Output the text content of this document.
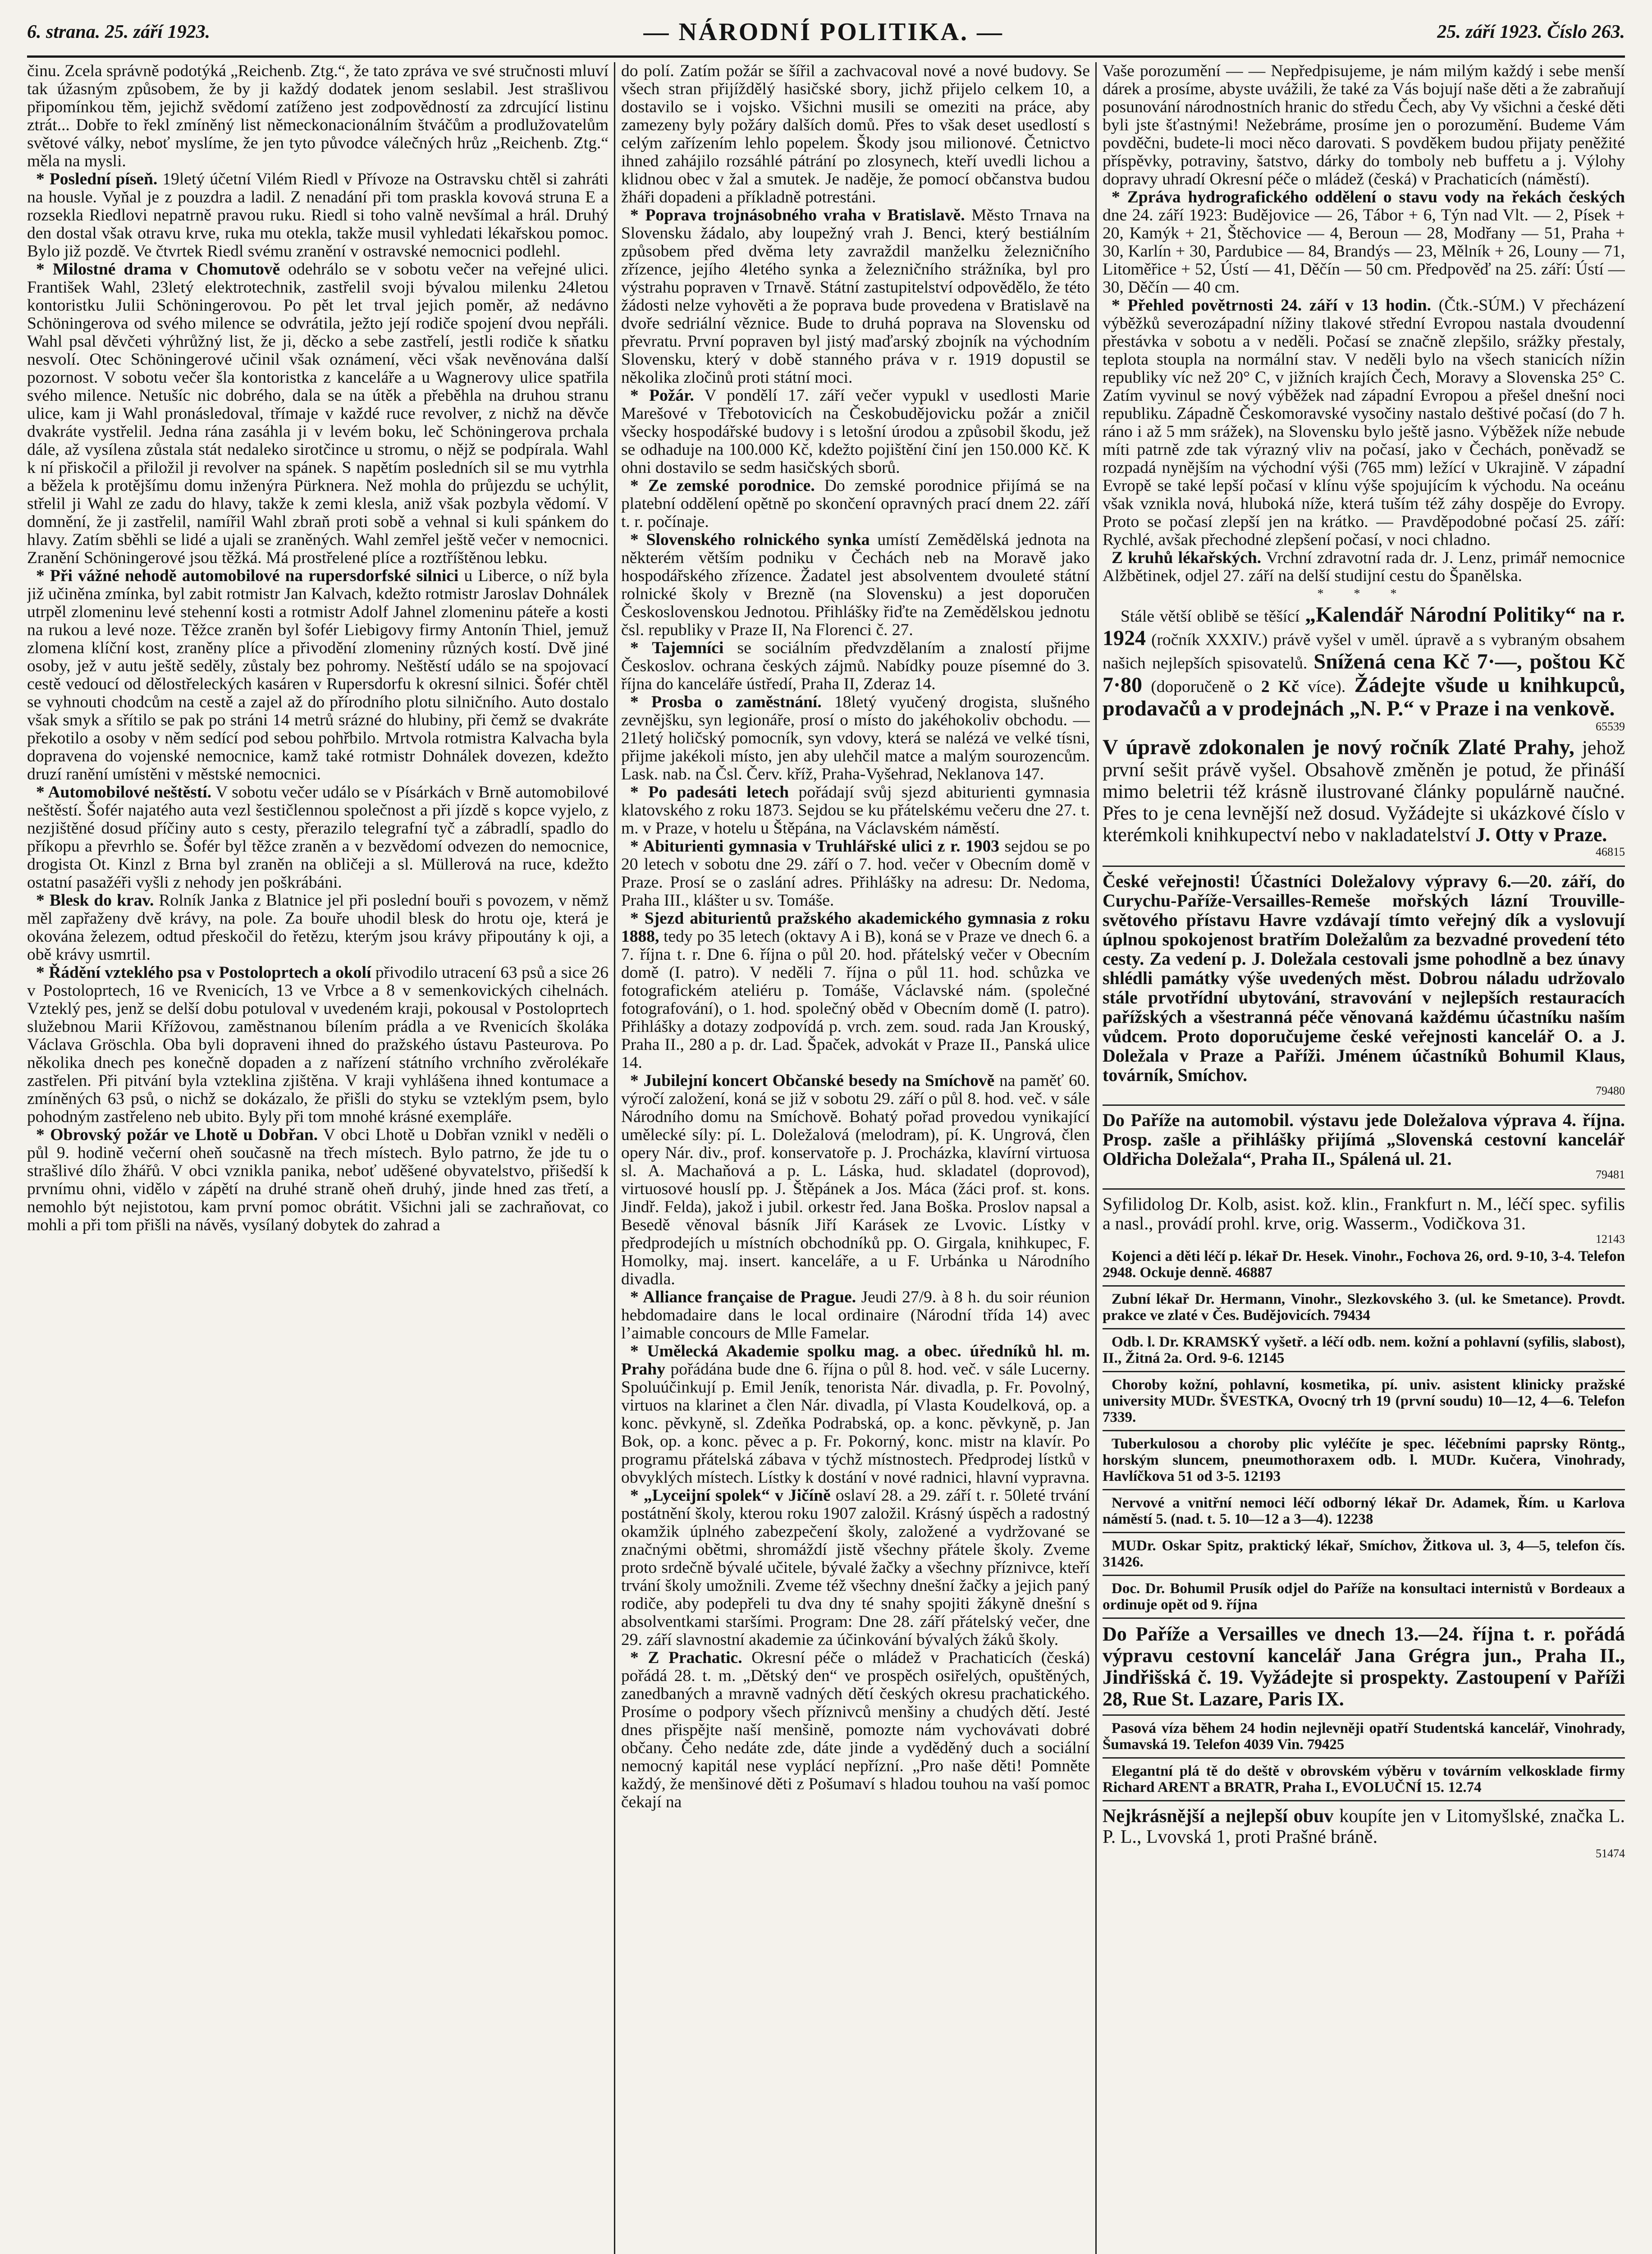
6. strana. 25. září 1923.	— NÁRODNÍ POLITIKA. —	25. září 1923. Číslo 263.

činu. Zcela správně podotýká „Reichenb. Ztg.“, že tato zpráva ve své stručnosti mluví tak úžasným způsobem, že by ji každý dodatek jenom seslabil. Jest strašlivou připomínkou těm, jejichž svědomí zatíženo jest zodpovědností za zdrcující listinu ztrát... Dobře to řekl zmíněný list německonacionálním štváčům a prodlužovatelům světové války, neboť myslíme, že jen tyto původce válečných hrůz „Reichenb. Ztg.“ měla na mysli.

* Poslední píseň. 19letý účetní Vilém Riedl v Přívoze na Ostravsku chtěl si zahráti na housle. Vyňal je z pouzdra a ladil. Z nenadání při tom praskla kovová struna E a rozsekla Riedlovi nepatrně pravou ruku. Riedl si toho valně nevšímal a hrál. Druhý den dostal však otravu krve, ruka mu otekla, takže musil vyhledati lékařskou pomoc. Bylo již pozdě. Ve čtvrtek Riedl svému zranění v ostravské nemocnici podlehl.

* Milostné drama v Chomutově odehrálo se v sobotu večer na veřejné ulici. František Wahl, 23letý elektrotechnik, zastřelil svoji bývalou milenku 24letou kontoristku Julii Schöningerovou. Po pět let trval jejich poměr, až nedávno Schöningerova od svého milence se odvrátila, ježto její rodiče spojení dvou nepřáli. Wahl psal děvčeti výhrůžný list, že ji, děcko a sebe zastřelí, jestli rodiče k sňatku nesvolí. Otec Schöningerové učinil však oznámení, věci však nevěnována další pozornost. V sobotu večer šla kontoristka z kanceláře a u Wagnerovy ulice spatřila svého milence. Netušíc nic dobrého, dala se na útěk a přeběhla na druhou stranu ulice, kam ji Wahl pronásledoval, třímaje v každé ruce revolver, z nichž na děvče dvakráte vystřelil. Jedna rána zasáhla ji v levém boku, leč Schöningerova prchala dále, až vysílena zůstala stát nedaleko sirotčince u stromu, o nějž se podpírala. Wahl k ní přiskočil a přiložil ji revolver na spánek. S napětím posledních sil se mu vytrhla a běžela k protějšímu domu inženýra Pürknera. Než mohla do průjezdu se uchýlit, střelil ji Wahl ze zadu do hlavy, takže k zemi klesla, aniž však pozbyla vědomí. V domnění, že ji zastřelil, namířil Wahl zbraň proti sobě a vehnal si kuli spánkem do hlavy. Zatím sběhli se lidé a ujali se zraněných. Wahl zemřel ještě večer v nemocnici. Zranění Schöningerové jsou těžká. Má prostřelené plíce a roztříštěnou lebku.

* Při vážné nehodě automobilové na rupersdorfské silnici u Liberce, o níž byla již učiněna zmínka, byl zabit rotmistr Jan Kalvach, kdežto rotmistr Jaroslav Dohnálek utrpěl zlomeninu levé stehenní kosti a rotmistr Adolf Jahnel zlomeninu páteře a kosti na rukou a levé noze. Těžce zraněn byl šofér Liebigovy firmy Antonín Thiel, jemuž zlomena klíční kost, zraněny plíce a přivodění zlomeniny různých kostí. Dvě jiné osoby, jež v autu ještě seděly, zůstaly bez pohromy. Neštěstí událo se na spojovací cestě vedoucí od dělostřeleckých kasáren v Rupersdorfu k okresní silnici. Šofér chtěl se vyhnouti chodcům na cestě a zajel až do přírodního plotu silničního. Auto dostalo však smyk a sřítilo se pak po stráni 14 metrů srázné do hlubiny, při čemž se dvakráte překotilo a osoby v něm sedící pod sebou pohřbilo. Mrtvola rotmistra Kalvacha byla dopravena do vojenské nemocnice, kamž také rotmistr Dohnálek dovezen, kdežto druzí ranění umístěni v městské nemocnici.

* Automobilové neštěstí. V sobotu večer událo se v Písárkách v Brně automobilové neštěstí. Šofér najatého auta vezl šestičlennou společnost a při jízdě s kopce vyjelo, z nezjištěné dosud příčiny auto s cesty, přerazilo telegrafní tyč a zábradlí, spadlo do příkopu a převrhlo se. Šofér byl těžce zraněn a v bezvědomí odvezen do nemocnice, drogista Ot. Kinzl z Brna byl zraněn na obličeji a sl. Müllerová na ruce, kdežto ostatní pasažéři vyšli z nehody jen poškrábáni.

* Blesk do krav. Rolník Janka z Blatnice jel při poslední bouři s povozem, v němž měl zapřaženy dvě krávy, na pole. Za bouře uhodil blesk do hrotu oje, která je okována železem, odtud přeskočil do řetězu, kterým jsou krávy připoutány k oji, a obě krávy usmrtil.

* Řádění vzteklého psa v Postoloprtech a okolí přivodilo utracení 63 psů a sice 26 v Postoloprtech, 16 ve Rvenicích, 13 ve Vrbce a 8 v semenkovických cihelnách. Vzteklý pes, jenž se delší dobu potuloval v uvedeném kraji, pokousal v Postoloprtech služebnou Marii Křížovou, zaměstnanou bílením prádla a ve Rvenicích školáka Václava Gröschla. Oba byli dopraveni ihned do pražského ústavu Pasteurova. Po několika dnech pes konečně dopaden a z nařízení státního vrchního zvěrolékaře zastřelen. Při pitvání byla vzteklina zjištěna. V kraji vyhlášena ihned kontumace a zmíněných 63 psů, o nichž se dokázalo, že přišli do styku se vzteklým psem, bylo pohodným zastřeleno neb ubito. Byly při tom mnohé krásné exempláře.

* Obrovský požár ve Lhotě u Dobřan. V obci Lhotě u Dobřan vznikl v neděli o půl 9. hodině večerní oheň současně na třech místech. Bylo patrno, že jde tu o strašlivé dílo žhářů. V obci vznikla panika, neboť uděšené obyvatelstvo, přišedší k prvnímu ohni, vidělo v zápětí na druhé straně oheň druhý, jinde hned zas třetí, a nemohlo být nejistotou, kam první pomoc obrátit. Všichni jali se zachraňovat, co mohli a při tom přišli na návěs, vysílaný dobytek do zahrad a

do polí. Zatím požár se šířil a zachvacoval nové a nové budovy. Se všech stran přijíždělý hasičské sbory, jichž přijelo celkem 10, a dostavilo se i vojsko. Všichni musili se omeziti na práce, aby zamezeny byly požáry dalších domů. Přes to však deset usedlostí s celým zařízením lehlo popelem. Škody jsou milionové. Četnictvo ihned zahájilo rozsáhlé pátrání po zlosynech, kteří uvedli lichou a klidnou obec v žal a smutek. Je naděje, že pomocí občanstva budou žháři dopadeni a příkladně potrestáni.

* Poprava trojnásobného vraha v Bratislavě. Město Trnava na Slovensku žádalo, aby loupežný vrah J. Benci, který bestiálním způsobem před dvěma lety zavraždil manželku železničního zřízence, jejího 4letého synka a železničního strážníka, byl pro výstrahu popraven v Trnavě. Státní zastupitelství odpovědělo, že této žádosti nelze vyhověti a že poprava bude provedena v Bratislavě na dvoře sedriální věznice. Bude to druhá poprava na Slovensku od převratu. První popraven byl jistý maďarský zbojník na východním Slovensku, který v době stanného práva v r. 1919 dopustil se několika zločinů proti státní moci.

* Požár. V pondělí 17. září večer vypukl v usedlosti Marie Marešové v Třebotovicích na Českobudějovicku požár a zničil všecky hospodářské budovy i s letošní úrodou a způsobil škodu, jež se odhaduje na 100.000 Kč, kdežto pojištění činí jen 150.000 Kč. K ohni dostavilo se sedm hasičských sborů.

* Ze zemské porodnice. Do zemské porodnice přijímá se na platební oddělení opětně po skončení opravných prací dnem 22. září t. r. počínaje.

* Slovenského rolnického synka umístí Zemědělská jednota na některém větším podniku v Čechách neb na Moravě jako hospodářského zřízence. Žadatel jest absolventem dvouleté státní rolnické školy v Brezně (na Slovensku) a jest doporučen Československou Jednotou. Přihlášky řiďte na Zemědělskou jednotu čsl. republiky v Praze II, Na Florenci č. 27.

* Tajemníci se sociálním předvzdělaním a znalostí přijme Českoslov. ochrana českých zájmů. Nabídky pouze písemné do 3. října do kanceláře ústředí, Praha II, Zderaz 14.

* Prosba o zaměstnání. 18letý vyučený drogista, slušného zevnějšku, syn legionáře, prosí o místo do jakéhokoliv obchodu. — 21letý holičský pomocník, syn vdovy, která se nalézá ve velké tísni, přijme jakékoli místo, jen aby ulehčil matce a malým sourozencům. Lask. nab. na Čsl. Červ. kříž, Praha-Vyšehrad, Neklanova 147.

* Po padesáti letech pořádají svůj sjezd abiturienti gymnasia klatovského z roku 1873. Sejdou se ku přátelskému večeru dne 27. t. m. v Praze, v hotelu u Štěpána, na Václavském náměstí.

* Abiturienti gymnasia v Truhlářské ulici z r. 1903 sejdou se po 20 letech v sobotu dne 29. září o 7. hod. večer v Obecním domě v Praze. Prosí se o zaslání adres. Přihlášky na adresu: Dr. Nedoma, Praha III., klášter u sv. Tomáše.

* Sjezd abiturientů pražského akademického gymnasia z roku 1888, tedy po 35 letech (oktavy A i B), koná se v Praze ve dnech 6. a 7. října t. r. Dne 6. října o půl 20. hod. přátelský večer v Obecním domě (I. patro). V neděli 7. října o půl 11. hod. schůzka ve fotografickém ateliéru p. Tomáše, Václavské nám. (společné fotografování), o 1. hod. společný oběd v Obecním domě (I. patro). Přihlášky a dotazy zodpovídá p. vrch. zem. soud. rada Jan Krouský, Praha II., 280 a p. dr. Lad. Špaček, advokát v Praze II., Panská ulice 14.

* Jubilejní koncert Občanské besedy na Smíchově na paměť 60. výročí založení, koná se již v sobotu 29. září o půl 8. hod. več. v sále Národního domu na Smíchově. Bohatý pořad provedou vynikající umělecké síly: pí. L. Doležalová (melodram), pí. K. Ungrová, člen opery Nár. div., prof. konservatoře p. J. Procházka, klavírní virtuosa sl. A. Machaňová a p. L. Láska, hud. skladatel (doprovod), virtuosové houslí pp. J. Štěpánek a Jos. Máca (žáci prof. st. kons. Jindř. Felda), jakož i jubil. orkestr řed. Jana Boška. Proslov napsal a Besedě věnoval básník Jiří Karásek ze Lvovic. Lístky v předprodejích u místních obchodníků pp. O. Girgala, knihkupec, F. Homolky, maj. insert. kanceláře, a u F. Urbánka u Národního divadla.

* Alliance française de Prague. Jeudi 27/9. à 8 h. du soir réunion hebdomadaire dans le local ordinaire (Národní třída 14) avec l’aimable concours de Mlle Famelar.

* Umělecká Akademie spolku mag. a obec. úředníků hl. m. Prahy pořádána bude dne 6. října o půl 8. hod. več. v sále Lucerny. Spoluúčinkují p. Emil Jeník, tenorista Nár. divadla, p. Fr. Povolný, virtuos na klarinet a člen Nár. divadla, pí Vlasta Koudelková, op. a konc. pěvkyně, sl. Zdeňka Podrabská, op. a konc. pěvkyně, p. Jan Bok, op. a konc. pěvec a p. Fr. Pokorný, konc. mistr na klavír. Po programu přátelská zábava v týchž místnostech. Předprodej lístků v obvyklých místech. Lístky k dostání v nové radnici, hlavní vypravna.

* „Lyceijní spolek“ v Jičíně oslaví 28. a 29. září t. r. 50leté trvání postátnění školy, kterou roku 1907 založil. Krásný úspěch a radostný okamžik úplného zabezpečení školy, založené a vydržované se značnými obětmi, shromáždí jistě všechny přátele školy. Zveme proto srdečně bývalé učitele, bývalé žačky a všechny příznivce, kteří trvání školy umožnili. Zveme též všechny dnešní žačky a jejich paný rodiče, aby podepřeli tu dva dny té snahy spojiti žákyně dnešní s absolventkami staršími. Program: Dne 28. září přátelský večer, dne 29. září slavnostní akademie za účinkování bývalých žáků školy.

* Z Prachatic. Okresní péče o mládež v Prachaticích (česká) pořádá 28. t. m. „Dětský den“ ve prospěch osiřelých, opuštěných, zanedbaných a mravně vadných dětí českých okresu prachatického. Prosíme o podpory všech příznivců menšiny a chudých dětí. Jesté dnes přispějte naší menšině, pomozte nám vychovávati dobré občany. Čeho nedáte zde, dáte jinde a vyděděný duch a sociální nemocný kapitál nese vyplácí nepřízní. „Pro naše děti! Pomněte každý, že menšinové děti z Pošumaví s hladou touhou na vaší pomoc čekají na

Vaše porozumění — — Nepředpisujeme, je nám milým každý i sebe menší dárek a prosíme, abyste uvážili, že také za Vás bojují naše děti a že zabraňují posunování národnostních hranic do středu Čech, aby Vy všichni a české děti byli jste šťastnými! Nežebráme, prosíme jen o porozumění. Budeme Vám povděčni, budete-li moci něco darovati. S povděkem budou přijaty peněžité příspěvky, potraviny, šatstvo, dárky do tomboly neb buffetu a j. Výlohy dopravy uhradí Okresní péče o mládež (česká) v Prachaticích (náměstí).

* Zpráva hydrografického oddělení o stavu vody na řekách českých dne 24. září 1923: Budějovice — 26, Tábor + 6, Týn nad Vlt. — 2, Písek + 20, Kamýk + 21, Štěchovice — 4, Beroun — 28, Modřany — 51, Praha + 30, Karlín + 30, Pardubice — 84, Brandýs — 23, Mělník + 26, Louny — 71, Litoměřice + 52, Ústí — 41, Děčín — 50 cm. Předpověď na 25. září: Ústí — 30, Děčín — 40 cm.

* Přehled povětrnosti 24. září v 13 hodin. (Čtk.-SÚM.) V přecházení výběžků severozápadní nížiny tlakové střední Evropou nastala dvoudenní přestávka v sobotu a v neděli. Počasí se značně zlepšilo, srážky přestaly, teplota stoupla na normální stav. V neděli bylo na všech stanicích nížin republiky víc než 20° C, v jižních krajích Čech, Moravy a Slovenska 25° C. Zatím vyvinul se nový výběžek nad západní Evropou a přešel dnešní noci republiku. Západně Českomoravské vysočiny nastalo deštivé počasí (do 7 h. ráno i až 5 mm srážek), na Slovensku bylo ještě jasno. Výběžek níže nebude míti patrně zde tak výrazný vliv na počasí, jako v Čechách, poněvadž se rozpadá nynějším na východní výši (765 mm) ležící v Ukrajině. V západní Evropě se také lepší počasí v klínu výše spojujícím k východu. Na oceánu však vznikla nová, hluboká níže, která tuším též záhy dospěje do Evropy. Proto se počasí zlepší jen na krátko. — Pravděpodobné počasí 25. září: Rychlé, avšak přechodné zlepšení počasí, v noci chladno.

Z kruhů lékařských. Vrchní zdravotní rada dr. J. Lenz, primář nemocnice Alžbětinek, odjel 27. září na delší studijní cestu do Španělska.

* * *

Stále větší oblibě se těšící „Kalendář Národní Politiky“ na r. 1924 (ročník XXXIV.) právě vyšel v uměl. úpravě a s vybraným obsahem našich nejlepších spisovatelů. Snížená cena Kč 7·—, poštou Kč 7·80 (doporučeně o 2 Kč více). Žádejte všude u knihkupců, prodavačů a v prodejnách „N. P.“ v Praze i na venkově.

65539

V úpravě zdokonalen je nový ročník Zlaté Prahy, jehož první sešit právě vyšel. Obsahově změněn je potud, že přináší mimo beletrii též krásně ilustrované články populárně naučné. Přes to je cena levnější než dosud. Vyžádejte si ukázkové číslo v kterémkoli knihkupectví nebo v nakladatelství J. Otty v Praze.

46815

České veřejnosti! Účastníci Doležalovy výpravy 6.—20. září, do Curychu-Paříže-Versailles-Remeše mořských lázní Trouville-světového přístavu Havre vzdávají tímto veřejný dík a vyslovují úplnou spokojenost bratřím Doležalům za bezvadné provedení této cesty. Za vedení p. J. Doležala cestovali jsme pohodlně a bez únavy shlédli památky výše uvedených měst. Dobrou náladu udržovalo stále prvotřídní ubytování, stravování v nejlepších restauracích pařížských a všestranná péče věnovaná každému účastníku naším vůdcem. Proto doporučujeme české veřejnosti kancelář O. a J. Doležala v Praze a Paříži. Jménem účastníků Bohumil Klaus, továrník, Smíchov.

79480

Do Paříže na automobil. výstavu jede Doležalova výprava 4. října. Prosp. zašle a přihlášky přijímá „Slovenská cestovní kancelář Oldřicha Doležala“, Praha II., Spálená ul. 21.

79481

Syfilidolog Dr. Kolb, asist. kož. klin., Frankfurt n. M., léčí spec. syfilis a nasl., provádí prohl. krve, orig. Wasserm., Vodičkova 31.

12143

Kojenci a děti léčí p. lékař Dr. Hesek. Vinohr., Fochova 26, ord. 9-10, 3-4. Telefon 2948. Ockuje denně. 46887

Zubní lékař Dr. Hermann, Vinohr., Slezkovského 3. (ul. ke Smetance). Provdt. prakce ve zlaté v Čes. Budějovicích. 79434

Odb. l. Dr. KRAMSKÝ vyšetř. a léčí odb. nem. kožní a pohlavní (syfilis, slabost), II., Žitná 2a. Ord. 9-6. 12145

Choroby kožní, pohlavní, kosmetika, pí. univ. asistent klinicky pražské university MUDr. ŠVESTKA, Ovocný trh 19 (první soudu) 10—12, 4—6. Telefon 7339.

Tuberkulosou a choroby plic vyléčíte je spec. léčebními paprsky Röntg., horským sluncem, pneumothoraxem odb. l. MUDr. Kučera, Vinohrady, Havlíčkova 51 od 3-5. 12193

Nervové a vnitřní nemoci léčí odborný lékař Dr. Adamek, Řím. u Karlova náměstí 5. (nad. t. 5. 10—12 a 3—4). 12238

MUDr. Oskar Spitz, praktický lékař, Smíchov, Žitkova ul. 3, 4—5, telefon čís. 31426.

Doc. Dr. Bohumil Prusík odjel do Paříže na konsultaci internistů v Bordeaux a ordinuje opět od 9. října

Do Paříže a Versailles ve dnech 13.—24. října t. r. pořádá výpravu cestovní kancelář Jana Grégra jun., Praha II., Jindřišská č. 19. Vyžádejte si prospekty. Zastoupení v Paříži 28, Rue St. Lazare, Paris IX.

Pasová víza během 24 hodin nejlevněji opatří Studentská kancelář, Vinohrady, Šumavská 19. Telefon 4039 Vin. 79425

Elegantní plá tě do deště v obrovském výběru v továrním velkosklade firmy Richard ARENT a BRATR, Praha I., EVOLUČNÍ 15. 12.74

Nejkrásnější a nejlepší obuv koupíte jen v Litomyšlské, značka L. P. L., Lvovská 1, proti Prašné bráně.

51474
